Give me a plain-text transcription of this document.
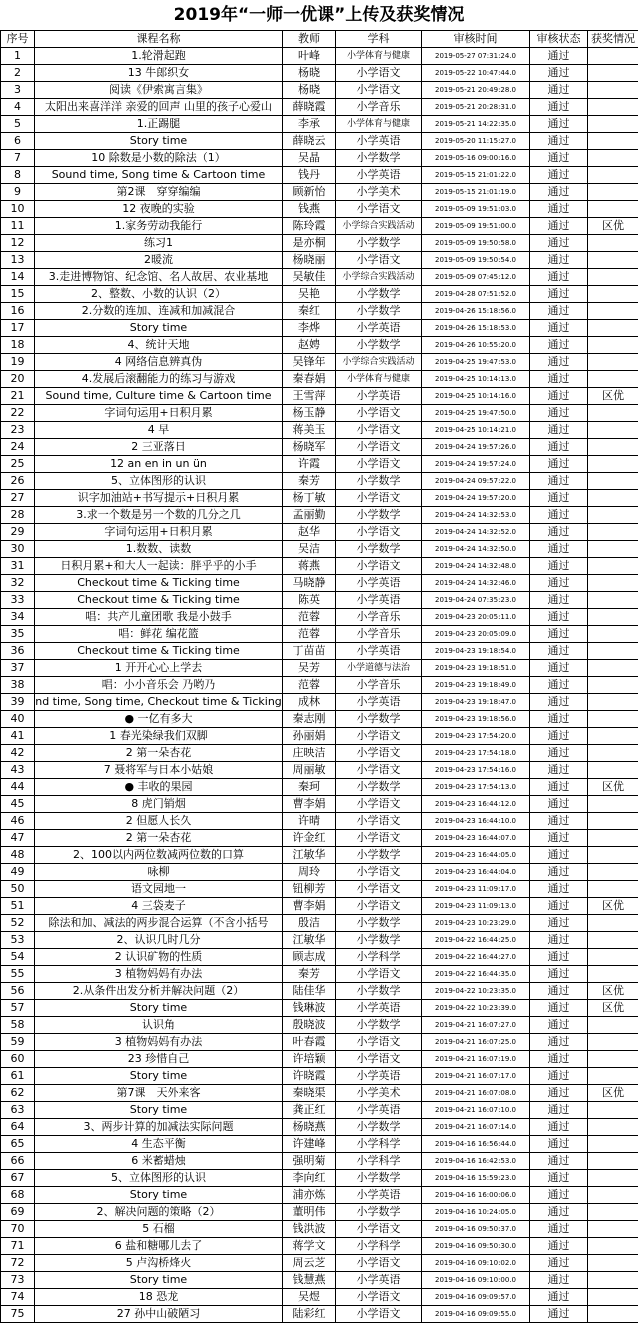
2019年“一师一优课”上传及获奖情况
序号	课程名称	教师	学科	审核时间	审核状态	获奖情况
1	1.轮滑起跑	叶峰	小学体育与健康	2019-05-27 07:31:24.0	通过	
2	13 牛郎织女	杨晓	小学语文	2019-05-22 10:47:44.0	通过	
3	阅读《伊索寓言集》	杨晓	小学语文	2019-05-21 20:49:28.0	通过	
4	太阳出来喜洋洋 亲爱的回声 山里的孩子心爱山	薛晓霞	小学音乐	2019-05-21 20:28:31.0	通过	
5	1.正踢腿	李承	小学体育与健康	2019-05-21 14:22:35.0	通过	
6	Story time	薛晓云	小学英语	2019-05-20 11:15:27.0	通过	
7	10 除数是小数的除法（1）	吴晶	小学数学	2019-05-16 09:00:16.0	通过	
8	Sound time, Song time & Cartoon time	钱丹	小学英语	2019-05-15 21:01:22.0	通过	
9	第2课　穿穿编编	顾新怡	小学美术	2019-05-15 21:01:19.0	通过	
10	12 夜晚的实验	钱燕	小学语文	2019-05-09 19:51:03.0	通过	
11	1.家务劳动我能行	陈玲霞	小学综合实践活动	2019-05-09 19:51:00.0	通过	区优
12	练习1	是亦桐	小学数学	2019-05-09 19:50:58.0	通过	
13	2暖流	杨晓丽	小学语文	2019-05-09 19:50:54.0	通过	
14	3.走进博物馆、纪念馆、名人故居、农业基地	吴敏佳	小学综合实践活动	2019-05-09 07:45:12.0	通过	
15	2、整数、小数的认识（2）	吴艳	小学数学	2019-04-28 07:51:52.0	通过	
16	2.分数的连加、连减和加减混合	秦红	小学数学	2019-04-26 15:18:56.0	通过	
17	Story time	李烨	小学英语	2019-04-26 15:18:53.0	通过	
18	4、统计天地	赵娉	小学数学	2019-04-26 10:55:20.0	通过	
19	4 网络信息辨真伪	吴锋年	小学综合实践活动	2019-04-25 19:47:53.0	通过	
20	4.发展后滚翻能力的练习与游戏	秦春娟	小学体育与健康	2019-04-25 10:14:13.0	通过	
21	Sound time, Culture time & Cartoon time	王雪萍	小学英语	2019-04-25 10:14:16.0	通过	区优
22	字词句运用+日积月累	杨玉静	小学语文	2019-04-25 19:47:50.0	通过	
23	4 早	蒋美玉	小学语文	2019-04-25 10:14:21.0	通过	
24	2 三亚落日	杨晓军	小学语文	2019-04-24 19:57:26.0	通过	
25	12 an en in un ün	许霞	小学语文	2019-04-24 19:57:24.0	通过	
26	5、立体图形的认识	秦芳	小学数学	2019-04-24 09:57:22.0	通过	
27	识字加油站+书写提示+日积月累	杨丁敏	小学语文	2019-04-24 19:57:20.0	通过	
28	3.求一个数是另一个数的几分之几	孟丽勤	小学数学	2019-04-24 14:32:53.0	通过	
29	字词句运用+日积月累	赵华	小学语文	2019-04-24 14:32:52.0	通过	
30	1.数数、读数	吴洁	小学数学	2019-04-24 14:32:50.0	通过	
31	日积月累+和大人一起读：胖乎乎的小手	蒋燕	小学语文	2019-04-24 14:32:48.0	通过	
32	Checkout time & Ticking time	马晓静	小学英语	2019-04-24 14:32:46.0	通过	
33	Checkout time & Ticking time	陈英	小学英语	2019-04-24 07:35:23.0	通过	
34	唱：共产儿童团歌 我是小鼓手	范蓉	小学音乐	2019-04-23 20:05:11.0	通过	
35	唱：鲜花 编花篮	范蓉	小学音乐	2019-04-23 20:05:09.0	通过	
36	Checkout time & Ticking time	丁苗苗	小学英语	2019-04-23 19:18:54.0	通过	
37	1 开开心心上学去	吴芳	小学道德与法治	2019-04-23 19:18:51.0	通过	
38	唱：小小音乐会 乃哟乃	范蓉	小学音乐	2019-04-23 19:18:49.0	通过	
39	nd time, Song time, Checkout time & Ticking	成林	小学英语	2019-04-23 19:18:47.0	通过	
40	● 一亿有多大	秦志刚	小学数学	2019-04-23 19:18:56.0	通过	
41	1 春光染绿我们双脚	孙丽娟	小学语文	2019-04-23 17:54:20.0	通过	
42	2 第一朵杏花	庄映洁	小学语文	2019-04-23 17:54:18.0	通过	
43	7 聂将军与日本小姑娘	周丽敏	小学语文	2019-04-23 17:54:16.0	通过	
44	● 丰收的果园	秦珂	小学数学	2019-04-23 17:54:13.0	通过	区优
45	8 虎门销烟	曹李娟	小学语文	2019-04-23 16:44:12.0	通过	
46	2 但愿人长久	许晴	小学语文	2019-04-23 16:44:10.0	通过	
47	2 第一朵杏花	许金红	小学语文	2019-04-23 16:44:07.0	通过	
48	2、100以内两位数减两位数的口算	江敏华	小学数学	2019-04-23 16:44:05.0	通过	
49	咏柳	周玲	小学语文	2019-04-23 16:44:04.0	通过	
50	语文园地一	钮柳芳	小学语文	2019-04-23 11:09:17.0	通过	
51	4 三袋麦子	曹李娟	小学语文	2019-04-23 11:09:13.0	通过	区优
52	除法和加、减法的两步混合运算（不含小括号	殷洁	小学数学	2019-04-23 10:23:29.0	通过	
53	2、认识几时几分	江敏华	小学数学	2019-04-22 16:44:25.0	通过	
54	2 认识矿物的性质	顾志成	小学科学	2019-04-22 16:44:27.0	通过	
55	3 植物妈妈有办法	秦芳	小学语文	2019-04-22 16:44:35.0	通过	
56	2.从条件出发分析并解决问题（2）	陆佳华	小学数学	2019-04-22 10:23:35.0	通过	区优
57	Story time	钱琳波	小学英语	2019-04-22 10:23:39.0	通过	区优
58	认识角	殷晓波	小学数学	2019-04-21 16:07:27.0	通过	
59	3 植物妈妈有办法	叶春霞	小学语文	2019-04-21 16:07:25.0	通过	
60	23 珍惜自己	许培颖	小学语文	2019-04-21 16:07:19.0	通过	
61	Story time	许晓霞	小学英语	2019-04-21 16:07:17.0	通过	
62	第7课　天外来客	秦晓渠	小学美术	2019-04-21 16:07:08.0	通过	区优
63	Story time	龚正红	小学英语	2019-04-21 16:07:10.0	通过	
64	3、两步计算的加减法实际问题	杨晓燕	小学数学	2019-04-21 16:07:14.0	通过	
65	4 生态平衡	许建峰	小学科学	2019-04-16 16:56:44.0	通过	
66	6 米蓄蜡烛	强明菊	小学科学	2019-04-16 16:42:53.0	通过	
67	5、立体图形的认识	李向红	小学数学	2019-04-16 15:59:23.0	通过	
68	Story time	浦亦炼	小学英语	2019-04-16 16:00:06.0	通过	
69	2、解决问题的策略（2）	董明伟	小学数学	2019-04-16 10:24:05.0	通过	
70	5 石榴	钱洪波	小学语文	2019-04-16 09:50:37.0	通过	
71	6 盐和糖哪儿去了	蒋学文	小学科学	2019-04-16 09:50:30.0	通过	
72	5 卢沟桥烽火	周云芝	小学语文	2019-04-16 09:10:02.0	通过	
73	Story time	钱慧燕	小学英语	2019-04-16 09:10:00.0	通过	
74	18 恐龙	吴煜	小学语文	2019-04-16 09:09:57.0	通过	
75	27 孙中山破陋习	陆彩红	小学语文	2019-04-16 09:09:55.0	通过	
